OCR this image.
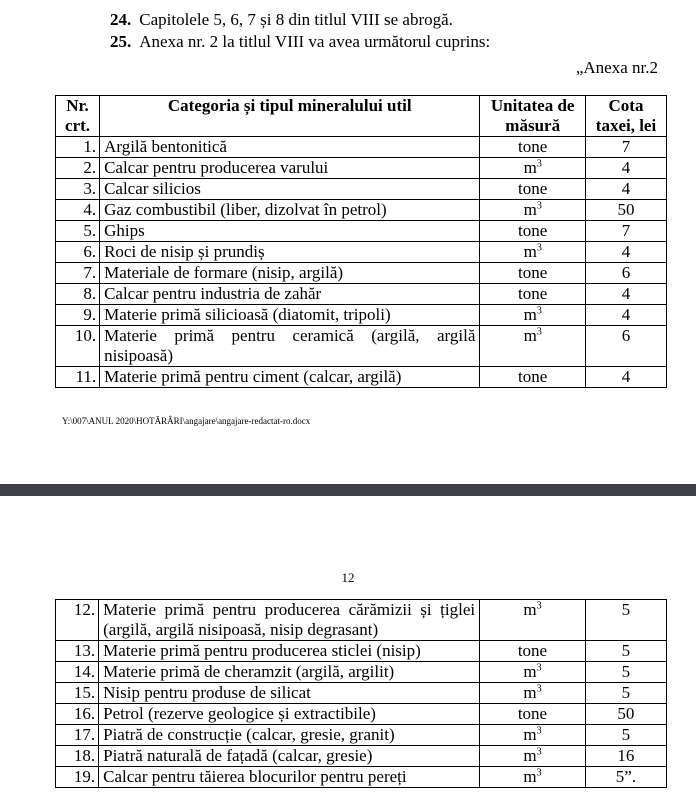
24. Capitolele 5, 6, 7 și 8 din titlul VIII se abrogă.
25. Anexa nr. 2 la titlul VIII va avea următorul cuprins:
„Anexa nr.2
Nr. crt.	Categoria și tipul mineralului util	Unitatea de măsură	Cota taxei, lei
1.	Argilă bentonitică	tone	7
2.	Calcar pentru producerea varului	$m^3$	4
3.	Calcar silicios	tone	4
4.	Gaz combustibil (liber, dizolvat în petrol)	$m^3$	50
5.	Ghips	tone	7
6.	Roci de nisip și prundiș	$m^3$	4
7.	Materiale de formare (nisip, argilă)	tone	6
8.	Calcar pentru industria de zahăr	tone	4
9.	Materie primă silicioasă (diatomit, tripoli)	$m^3$	4
10.	Materie primă pentru ceramică (argilă, argilă nisipoasă)	$m^3$	6
11.	Materie primă pentru ciment (calcar, argilă)	tone	4
Y:\007\ANUL 2020\HOTĂRÂRI\angajare\angajare-redactat-ro.docx
12
12.	Materie primă pentru producerea cărămizii și țiglei (argilă, argilă nisipoasă, nisip degrasant)	$m^3$	5
13.	Materie primă pentru producerea sticlei (nisip)	tone	5
14.	Materie primă de cheramzit (argilă, argilit)	$m^3$	5
15.	Nisip pentru produse de silicat	$m^3$	5
16.	Petrol (rezerve geologice și extractibile)	tone	50
17.	Piatră de construcție (calcar, gresie, granit)	$m^3$	5
18.	Piatră naturală de fațadă (calcar, gresie)	$m^3$	16
19.	Calcar pentru tăierea blocurilor pentru pereți	$m^3$	5”.
